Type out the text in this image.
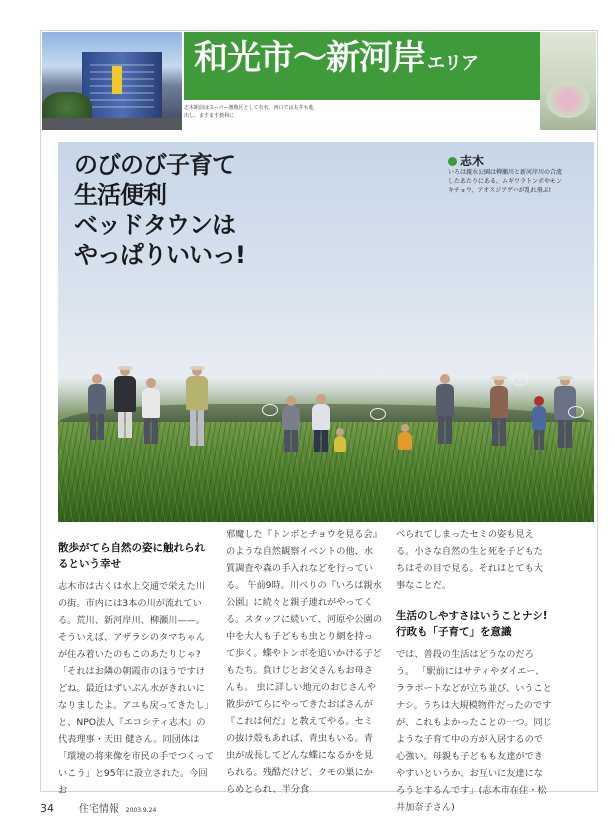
和光市〜新河岸 エリア
志木駅前はスーパー激戦区として有名。西口では丸井も進出し、ますます便利に
のびのび子育て
生活便利
ベッドタウンは
やっぱりいいっ!
志木
いろは親水公園は柳瀬川と新河岸川の合流したあたりにある。ムギワラトンボやモンキチョウ、アオスジアゲハが乱れ飛ぶ!
散歩がてら自然の姿に触れられるという幸せ

志木市は古くは水上交通で栄えた川の街。市内には3本の川が流れている。荒川、新河岸川、柳瀬川——。 そういえば、アザラシのタマちゃんが住み着いたのもこのあたりじゃ? 「それはお隣の朝霞市のほうですけどね。最近はずいぶん水がきれいになりましたよ。アユも戻ってきたし」 と、NPO法人『エコシティ志木』の代表理事・天田 健さん。同団体は「環境の将来像を市民の手でつくっていこう」と95年に設立された。今回お

邪魔した『トンボとチョウを見る会』のような自然観察イベントの他、水質調査や森の手入れなどを行っている。 午前9時。川べりの『いろは親水公園』に続々と親子連れがやってくる。スタッフに続いて、河原や公園の中を大人も子どもも虫とり網を持って歩く。蝶やトンボを追いかける子どもたち。負けじとお父さんもお母さんも。 虫に詳しい地元のおじさんや散歩がてらにやってきたおばさんが『これは何だ』と教えてやる。セミの抜け殻もあれば、青虫もいる。青虫が成長してどんな蝶になるかを見られる。残酷だけど、クモの巣にからめとられ、半分食

べられてしまったセミの姿も見える。小さな自然の生と死を子どもたちはその目で見る。それはとても大事なことだ。

生活のしやすさはいうことナシ!行政も「子育て」を意識

では、普段の生活はどうなのだろう。 「駅前にはサティやダイエー、ララポートなどが立ち並び、いうことナシ。うちは大規模物件だったのですが、これもよかったことの一つ。同じような子育て中の方が入居するので心強い。母親も子どもも友達ができやすいというか、お互いに友達になろうとするんです」(志木市在住・松井加奈子さん)

34 住宅情報 2003.9.24
